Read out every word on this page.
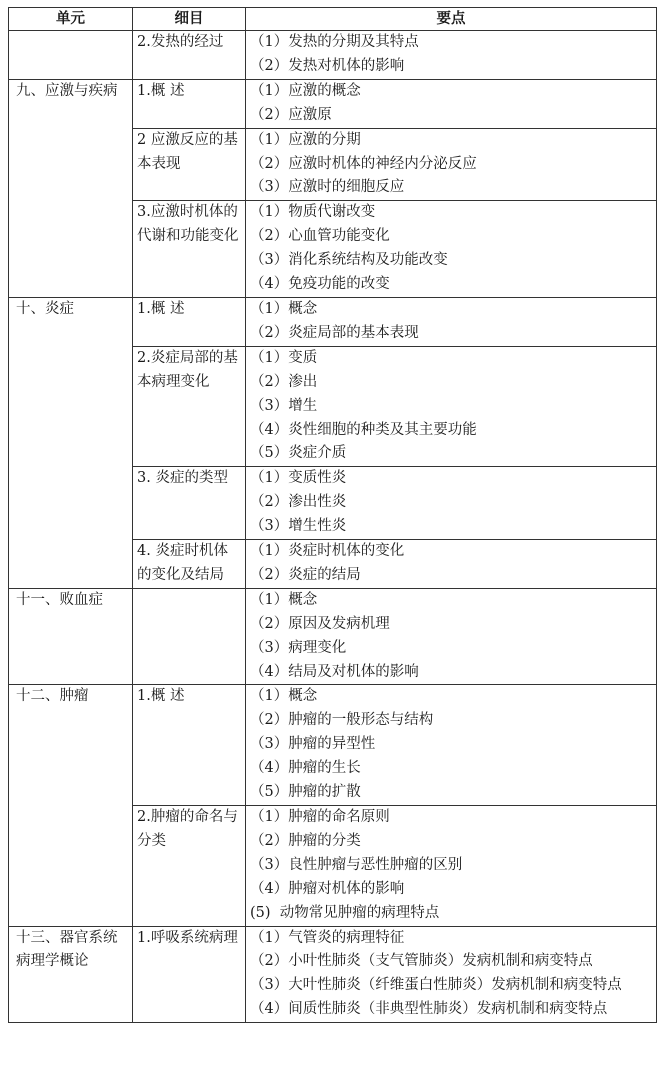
单元	细目	要点
	2.发热的经过	（1）发热的分期及其特点
（2）发热对机体的影响

九、应激与疾病	1.概 述	（1）应激的概念
（2）应激原

	2 应激反应的基本表现	（1）应激的分期
（2）应激时机体的神经内分泌反应
（3）应激时的细胞反应

	3.应激时机体的代谢和功能变化	（1）物质代谢改变
（2）心血管功能变化
（3）消化系统结构及功能改变
（4）免疫功能的改变

十、炎症	1.概 述	（1）概念
（2）炎症局部的基本表现

	2.炎症局部的基本病理变化	（1）变质
（2）渗出
（3）增生
（4）炎性细胞的种类及其主要功能
（5）炎症介质

	3. 炎症的类型	（1）变质性炎
（2）渗出性炎
（3）增生性炎

	4. 炎症时机体的变化及结局	（1）炎症时机体的变化
（2）炎症的结局

十一、败血症		（1）概念
（2）原因及发病机理
（3）病理变化
（4）结局及对机体的影响

十二、肿瘤	1.概 述	（1）概念
（2）肿瘤的一般形态与结构
（3）肿瘤的异型性
（4）肿瘤的生长
（5）肿瘤的扩散

	2.肿瘤的命名与分类	（1）肿瘤的命名原则
（2）肿瘤的分类
（3）良性肿瘤与恶性肿瘤的区别
（4）肿瘤对机体的影响
(5)  动物常见肿瘤的病理特点

十三、器官系统病理学概论	1.呼吸系统病理	（1）气管炎的病理特征
（2）小叶性肺炎（支气管肺炎）发病机制和病变特点
（3）大叶性肺炎（纤维蛋白性肺炎）发病机制和病变特点
（4）间质性肺炎（非典型性肺炎）发病机制和病变特点
